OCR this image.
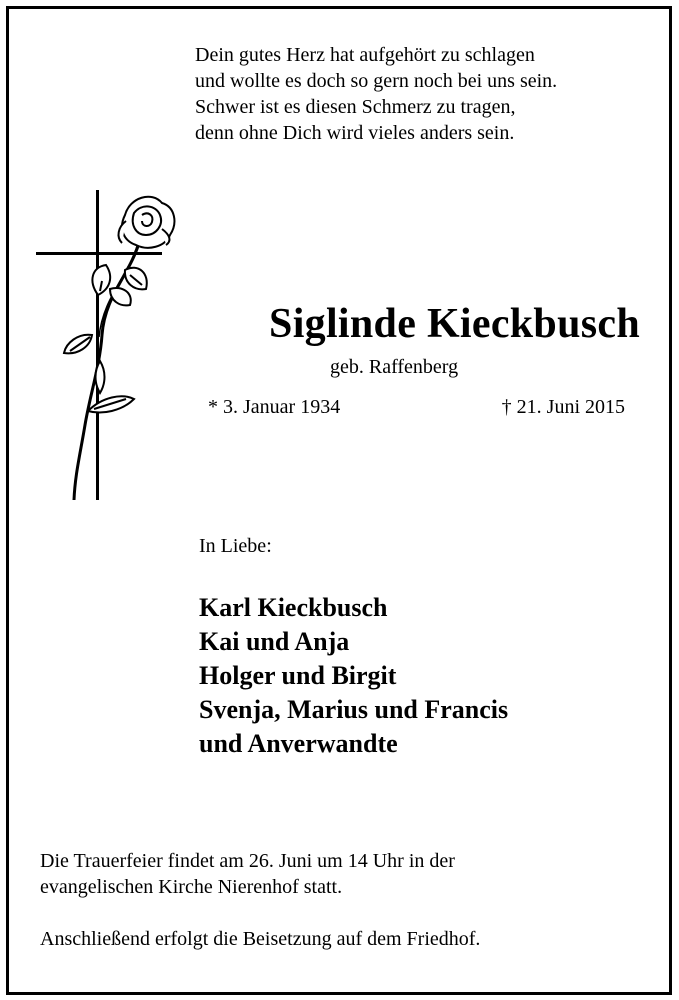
Dein gutes Herz hat aufgehört zu schlagen
und wollte es doch so gern noch bei uns sein.
Schwer ist es diesen Schmerz zu tragen,
denn ohne Dich wird vieles anders sein.
Siglinde Kieckbusch
geb. Raffenberg
* 3. Januar 1934	† 21. Juni 2015
In Liebe:
Karl Kieckbusch
Kai und Anja
Holger und Birgit
Svenja, Marius und Francis
und Anverwandte
Die Trauerfeier findet am 26. Juni um 14 Uhr in der
evangelischen Kirche Nierenhof statt.
Anschließend erfolgt die Beisetzung auf dem Friedhof.
